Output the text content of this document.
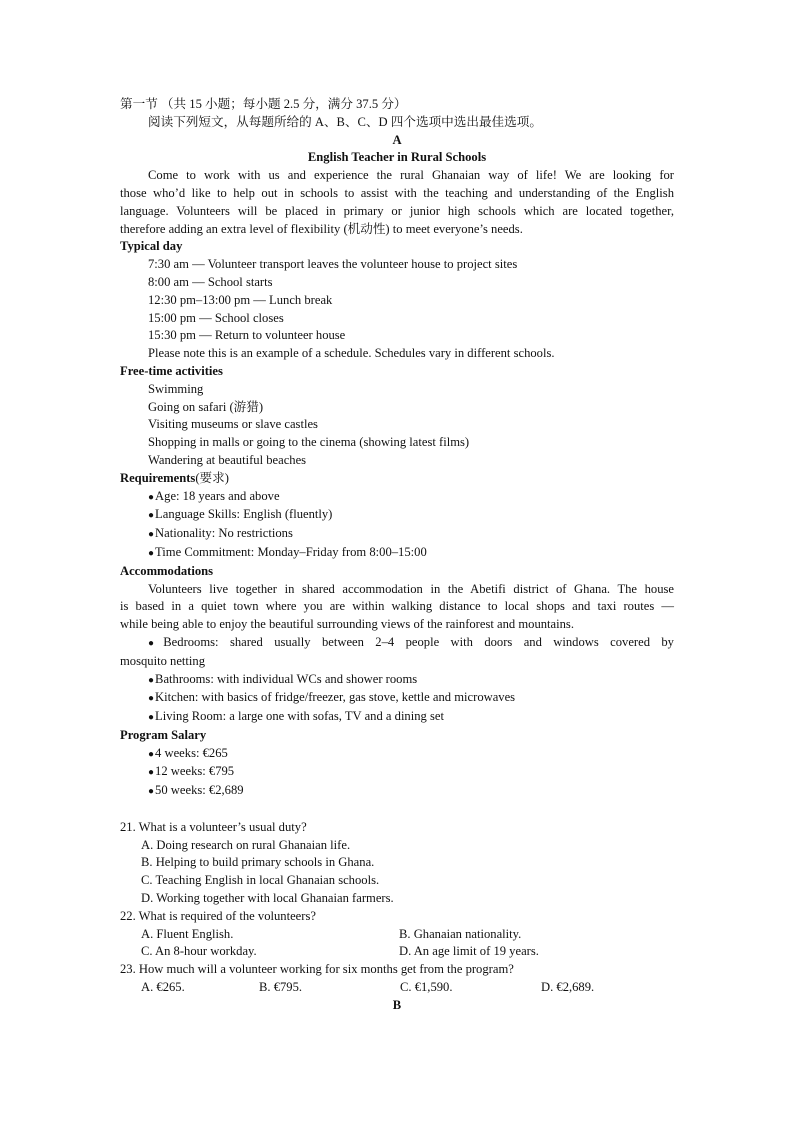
第一节 （共 15 小题；每小题 2.5 分，满分 37.5 分）
阅读下列短文，从每题所给的 A、B、C、D 四个选项中选出最佳选项。
A
English Teacher in Rural Schools
Come to work with us and experience the rural Ghanaian way of life! We are looking for
those who’d like to help out in schools to assist with the teaching and understanding of the English
language. Volunteers will be placed in primary or junior high schools which are located together,
therefore adding an extra level of flexibility (机动性) to meet everyone’s needs.
Typical day
7:30 am — Volunteer transport leaves the volunteer house to project sites
8:00 am — School starts
12:30 pm–13:00 pm — Lunch break
15:00 pm — School closes
15:30 pm — Return to volunteer house
Please note this is an example of a schedule. Schedules vary in different schools.
Free-time activities
Swimming
Going on safari (游猎)
Visiting museums or slave castles
Shopping in malls or going to the cinema (showing latest films)
Wandering at beautiful beaches
Requirements(要求)
● Age: 18 years and above
● Language Skills: English (fluently)
● Nationality: No restrictions
● Time Commitment: Monday–Friday from 8:00–15:00
Accommodations
Volunteers live together in shared accommodation in the Abetifi district of Ghana. The house
is based in a quiet town where you are within walking distance to local shops and taxi routes —
while being able to enjoy the beautiful surrounding views of the rainforest and mountains.
● Bedrooms: shared usually between 2–4 people with doors and windows covered by
mosquito netting
● Bathrooms: with individual WCs and shower rooms
● Kitchen: with basics of fridge/freezer, gas stove, kettle and microwaves
● Living Room: a large one with sofas, TV and a dining set
Program Salary
● 4 weeks: €265
● 12 weeks: €795
● 50 weeks: €2,689
21. What is a volunteer’s usual duty?
A. Doing research on rural Ghanaian life.
B. Helping to build primary schools in Ghana.
C. Teaching English in local Ghanaian schools.
D. Working together with local Ghanaian farmers.
22. What is required of the volunteers?
A. Fluent English.	B. Ghanaian nationality.
C. An 8-hour workday.	D. An age limit of 19 years.
23. How much will a volunteer working for six months get from the program?
A. €265.	B. €795.	C. €1,590.	D. €2,689.
B
